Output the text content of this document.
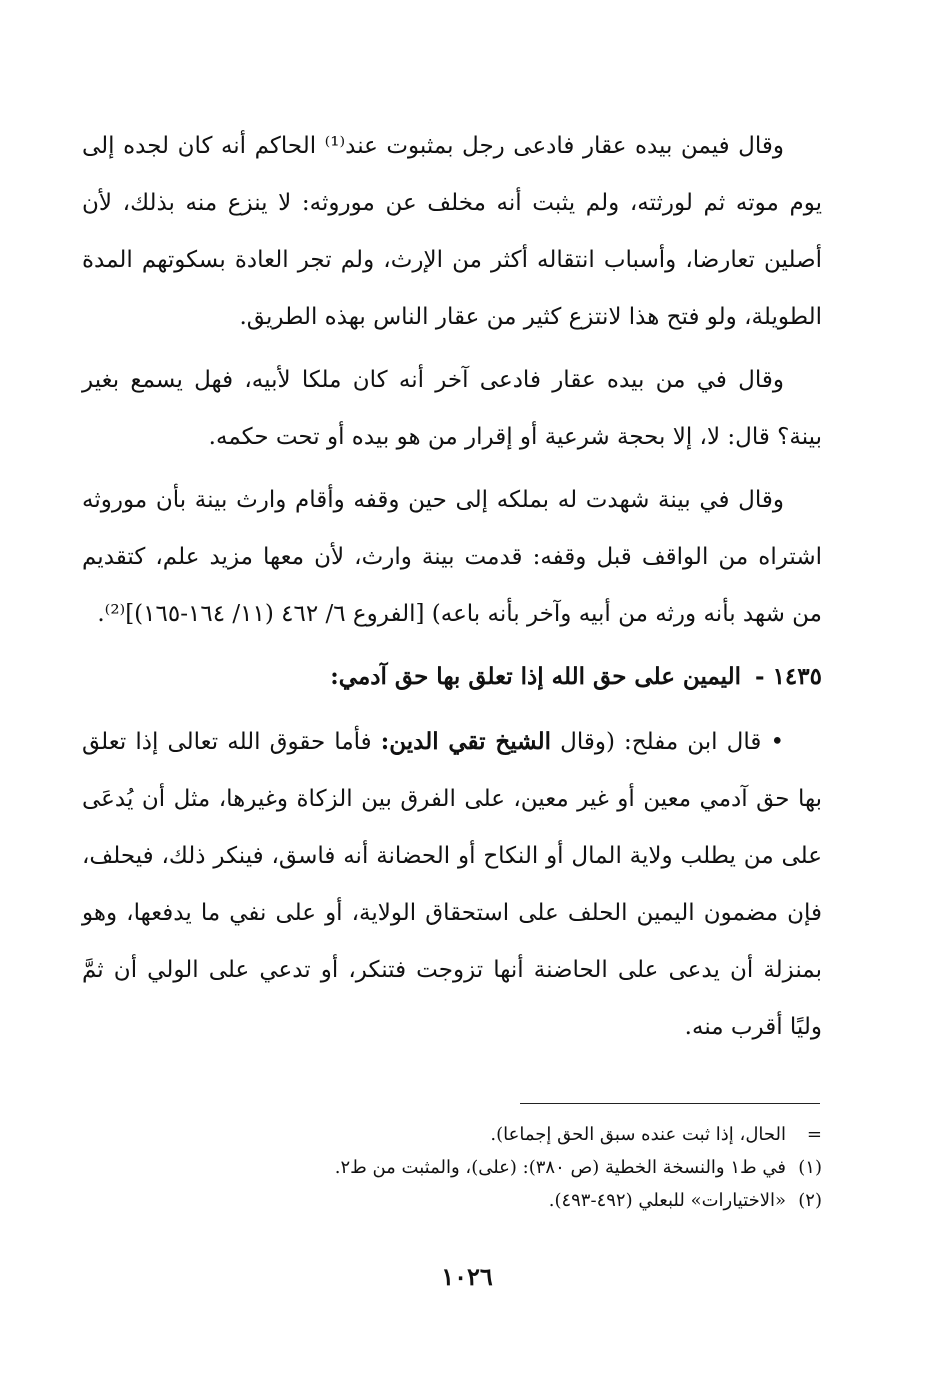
وقال فيمن بيده عقار فادعى رجل بمثبوت عند⁽¹⁾ الحاكم أنه كان لجده إلى يوم موته ثم لورثته، ولم يثبت أنه مخلف عن موروثه: لا ينزع منه بذلك، لأن أصلين تعارضا، وأسباب انتقاله أكثر من الإرث، ولم تجر العادة بسكوتهم المدة الطويلة، ولو فتح هذا لانتزع كثير من عقار الناس بهذه الطريق.

وقال في من بيده عقار فادعى آخر أنه كان ملكا لأبيه، فهل يسمع بغير بينة؟ قال: لا، إلا بحجة شرعية أو إقرار من هو بيده أو تحت حكمه.

وقال في بينة شهدت له بملكه إلى حين وقفه وأقام وارث بينة بأن موروثه اشتراه من الواقف قبل وقفه: قدمت بينة وارث، لأن معها مزيد علم، كتقديم من شهد بأنه ورثه من أبيه وآخر بأنه باعه) [الفروع ٦/ ٤٦٢ (١١/ ١٦٤-١٦٥)]⁽²⁾.

١٤٣٥ -اليمين على حق الله إذا تعلق بها حق آدمي:

• قال ابن مفلح: (وقال الشيخ تقي الدين: فأما حقوق الله تعالى إذا تعلق بها حق آدمي معين أو غير معين، على الفرق بين الزكاة وغيرها، مثل أن يُدعَى على من يطلب ولاية المال أو النكاح أو الحضانة أنه فاسق، فينكر ذلك، فيحلف، فإن مضمون اليمين الحلف على استحقاق الولاية، أو على نفي ما يدفعها، وهو بمنزلة أن يدعى على الحاضنة أنها تزوجت فتنكر، أو تدعي على الولي أن ثمَّ وليًا أقرب منه.

=الحال، إذا ثبت عنده سبق الحق إجماعا).

(١)في ط١ والنسخة الخطية (ص ٣٨٠): (على)، والمثبت من ط٢.

(٢)«الاختيارات» للبعلي (٤٩٢-٤٩٣).

١٠٢٦
